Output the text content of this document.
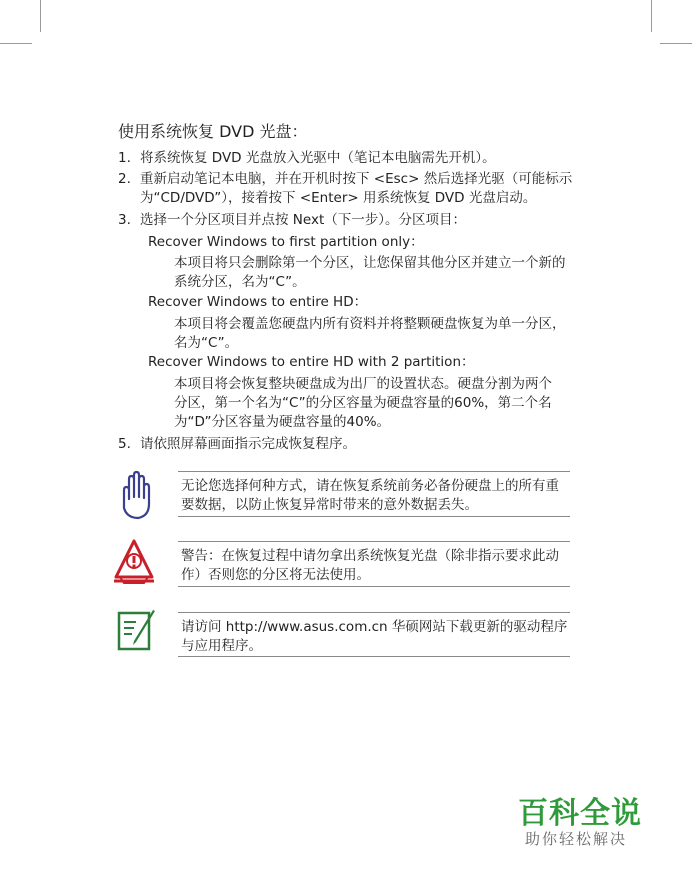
使用系统恢复 DVD 光盘：
1. 将系统恢复 DVD 光盘放入光驱中（笔记本电脑需先开机）。
2. 重新启动笔记本电脑，并在开机时按下 <Esc> 然后选择光驱（可能标示
为“CD/DVD”），接着按下 <Enter> 用系统恢复 DVD 光盘启动。
3. 选择一个分区项目并点按 Next（下一步）。分区项目：
Recover Windows to first partition only：
本项目将只会删除第一个分区，让您保留其他分区并建立一个新的
系统分区，名为“C”。
Recover Windows to entire HD：
本项目将会覆盖您硬盘内所有资料并将整颗硬盘恢复为单一分区，
名为“C”。
Recover Windows to entire HD with 2 partition：
本项目将会恢复整块硬盘成为出厂的设置状态。硬盘分割为两个
分区，第一个名为“C”的分区容量为硬盘容量的60%，第二个名
为“D”分区容量为硬盘容量的40%。
5. 请依照屏幕画面指示完成恢复程序。
无论您选择何种方式，请在恢复系统前务必备份硬盘上的所有重
要数据，以防止恢复异常时带来的意外数据丢失。
警告：在恢复过程中请勿拿出系统恢复光盘（除非指示要求此动
作）否则您的分区将无法使用。
请访问 http://www.asus.com.cn 华硕网站下载更新的驱动程序
与应用程序。
百科全说
助你轻松解决
